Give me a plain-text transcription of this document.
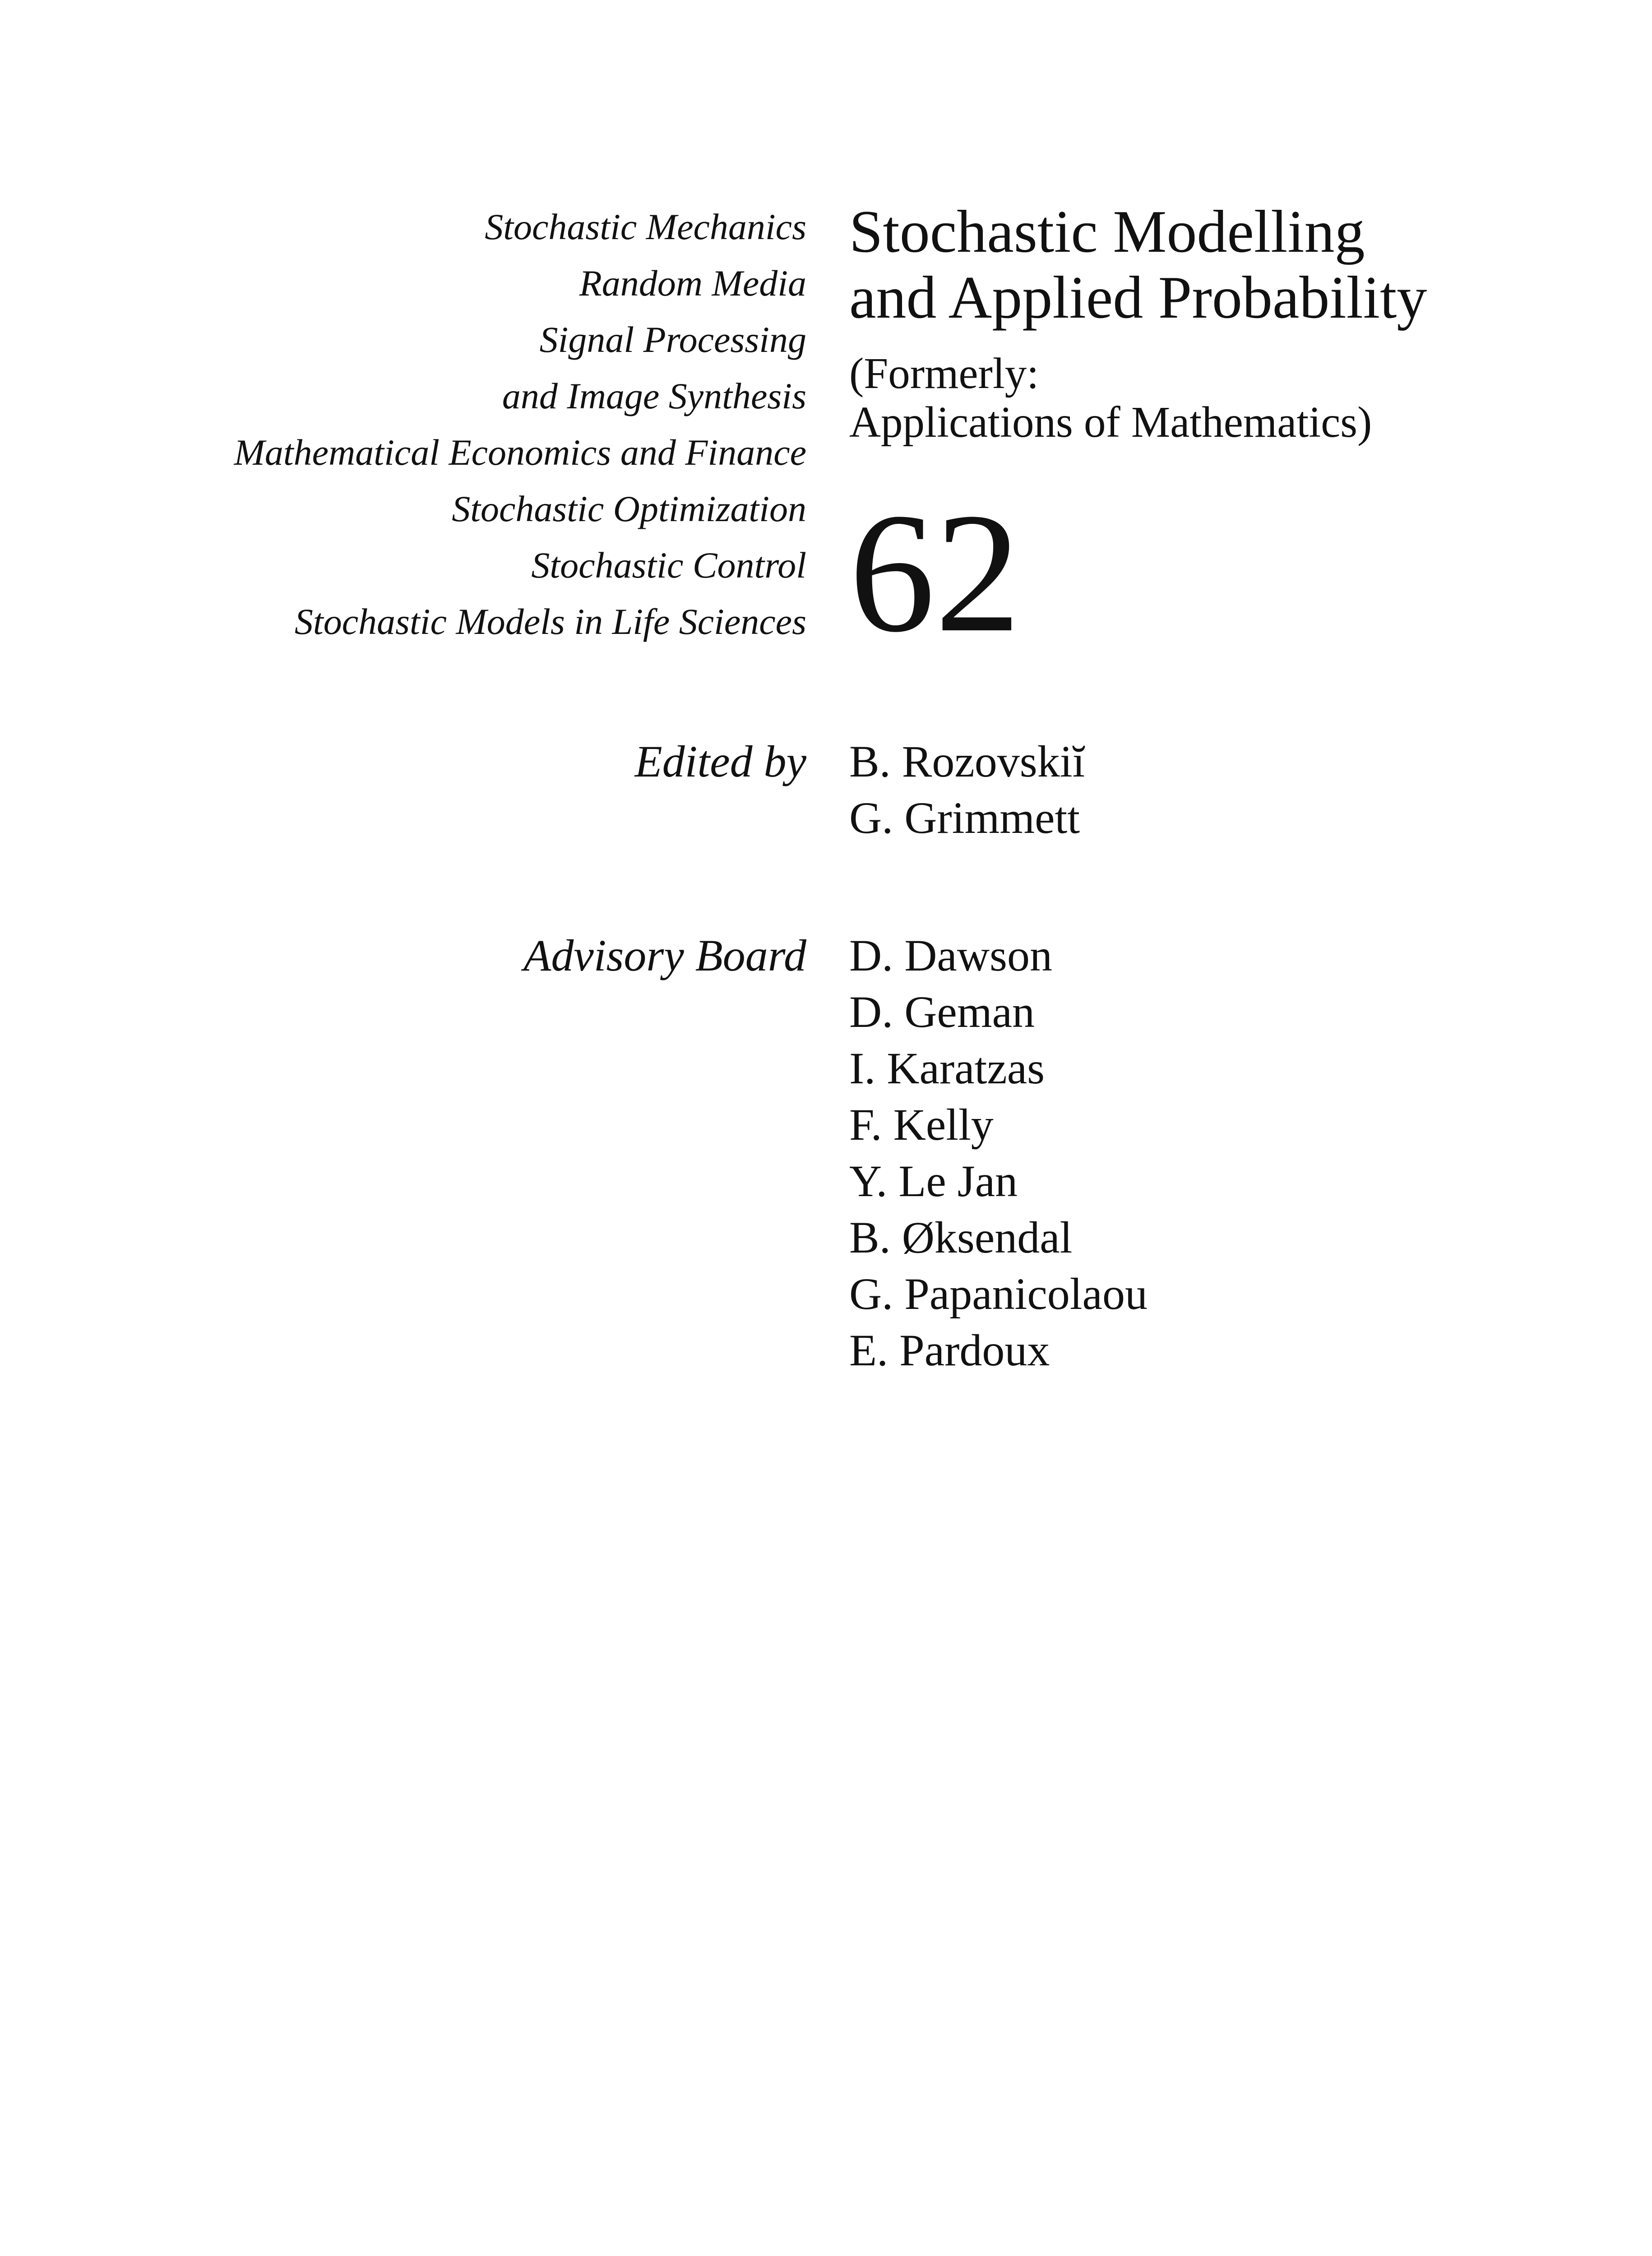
Stochastic Mechanics
Random Media
Signal Processing
and Image Synthesis
Mathematical Economics and Finance
Stochastic Optimization
Stochastic Control
Stochastic Models in Life Sciences
Stochastic Modelling
and Applied Probability
(Formerly:
Applications of Mathematics)
62
Edited by B. Rozovskiĭ
G. Grimmett
Advisory Board D. Dawson
D. Geman
I. Karatzas
F. Kelly
Y. Le Jan
B. Øksendal
G. Papanicolaou
E. Pardoux
